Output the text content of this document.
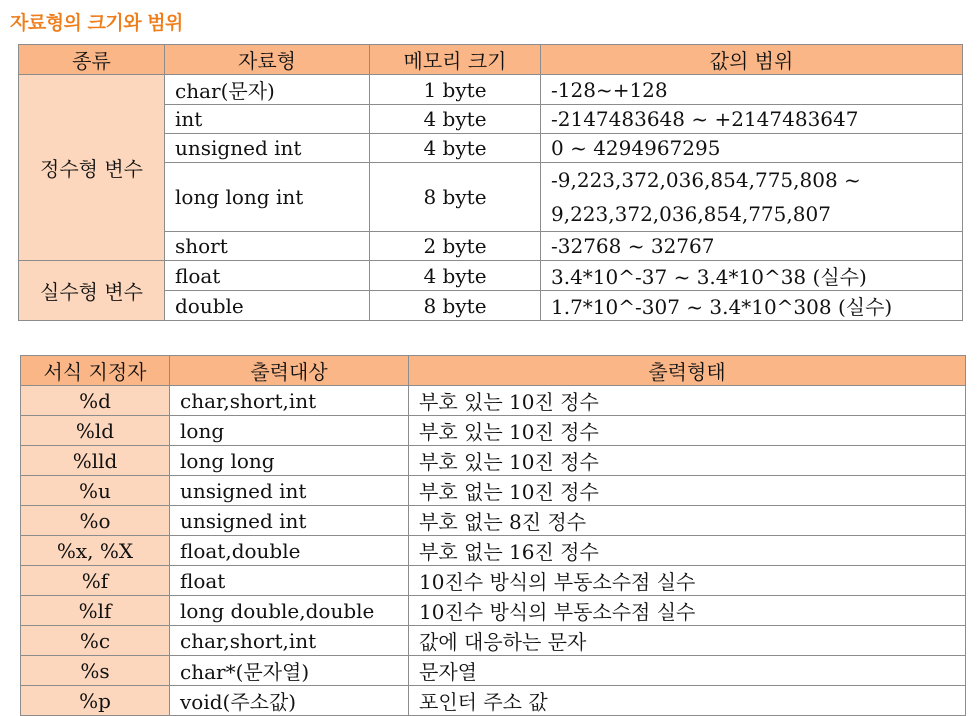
자료형의 크기와 범위
종류	자료형	메모리 크기	값의 범위
정수형 변수	char(문자)	1 byte	-128~+128
	int	4 byte	-2147483648 ~ +2147483647
	unsigned int	4 byte	0 ~ 4294967295
	long long int	8 byte	-9,223,372,036,854,775,808 ~
9,223,372,036,854,775,807
	short	2 byte	-32768 ~ 32767
실수형 변수	float	4 byte	3.4*10^-37 ~ 3.4*10^38 (실수)
	double	8 byte	1.7*10^-307 ~ 3.4*10^308 (실수)
서식 지정자	출력대상	출력형태
%d	char,short,int	부호 있는 10진 정수
%ld	long	부호 있는 10진 정수
%lld	long long	부호 있는 10진 정수
%u	unsigned int	부호 없는 10진 정수
%o	unsigned int	부호 없는 8진 정수
%x, %X	float,double	부호 없는 16진 정수
%f	float	10진수 방식의 부동소수점 실수
%lf	long double,double	10진수 방식의 부동소수점 실수
%c	char,short,int	값에 대응하는 문자
%s	char*(문자열)	문자열
%p	void(주소값)	포인터 주소 값
